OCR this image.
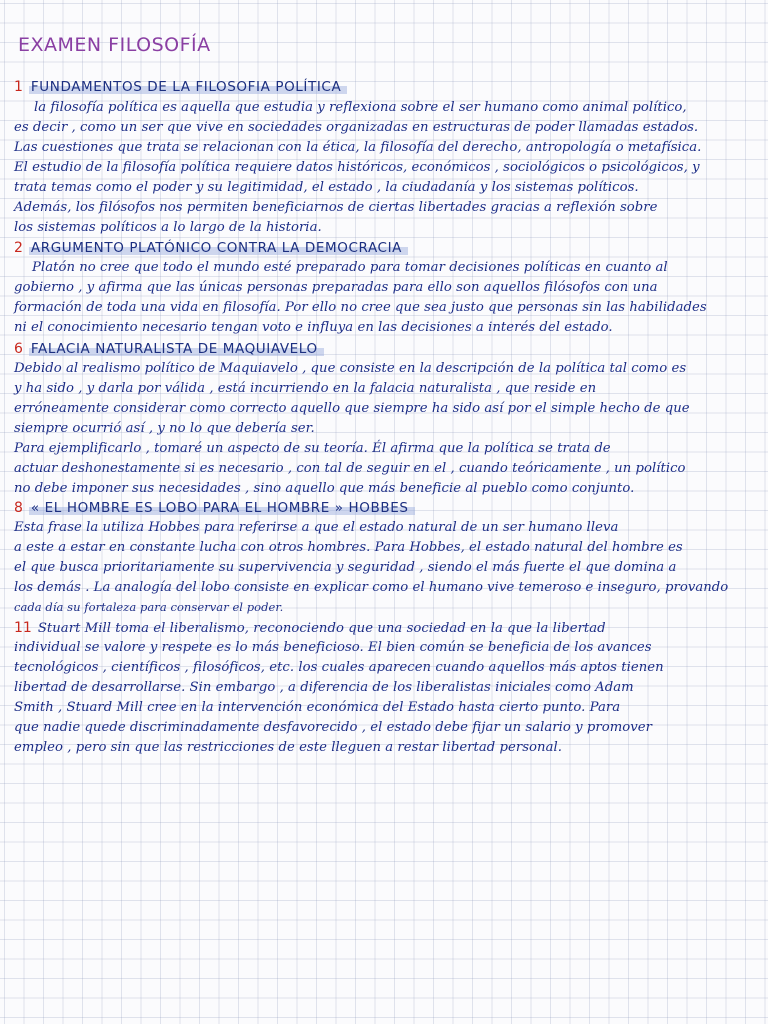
EXAMEN FILOSOFÍA
1 FUNDAMENTOS DE LA FILOSOFIA POLÍTICA
la filosofía política es aquella que estudia y reflexiona sobre el ser humano como animal político,
es decir , como un ser que vive en sociedades organizadas en estructuras de poder llamadas estados.
Las cuestiones que trata se relacionan con la ética, la filosofía del derecho, antropología o metafísica.
El estudio de la filosofía política requiere datos históricos, económicos , sociológicos o psicológicos, y
trata temas como el poder y su legitimidad, el estado , la ciudadanía y los sistemas políticos.
Además, los filósofos nos permiten beneficiarnos de ciertas libertades gracias a reflexión sobre
los sistemas políticos a lo largo de la historia.
2 ARGUMENTO PLATÓNICO CONTRA LA DEMOCRACIA
Platón no cree que todo el mundo esté preparado para tomar decisiones políticas en cuanto al
gobierno , y afirma que las únicas personas preparadas para ello son aquellos filósofos con una
formación de toda una vida en filosofía. Por ello no cree que sea justo que personas sin las habilidades
ni el conocimiento necesario tengan voto e influya en las decisiones a interés del estado.
6 FALACIA NATURALISTA DE MAQUIAVELO
Debido al realismo político de Maquiavelo , que consiste en la descripción de la política tal como es
y ha sido , y darla por válida , está incurriendo en la falacia naturalista , que reside en
erróneamente considerar como correcto aquello que siempre ha sido así por el simple hecho de que
siempre ocurrió así , y no lo que debería ser.
Para ejemplificarlo , tomaré un aspecto de su teoría. Él afirma que la política se trata de
actuar deshonestamente si es necesario , con tal de seguir en el , cuando teóricamente , un político
no debe imponer sus necesidades , sino aquello que más beneficie al pueblo como conjunto.
8 « EL HOMBRE ES LOBO PARA EL HOMBRE » HOBBES
Esta frase la utiliza Hobbes para referirse a que el estado natural de un ser humano lleva
a este a estar en constante lucha con otros hombres. Para Hobbes, el estado natural del hombre es
el que busca prioritariamente su supervivencia y seguridad , siendo el más fuerte el que domina a
los demás . La analogía del lobo consiste en explicar como el humano vive temeroso e inseguro, provando
cada día su fortaleza para conservar el poder.
11 Stuart Mill toma el liberalismo, reconociendo que una sociedad en la que la libertad
individual se valore y respete es lo más beneficioso. El bien común se beneficia de los avances
tecnológicos , científicos , filosóficos, etc. los cuales aparecen cuando aquellos más aptos tienen
libertad de desarrollarse. Sin embargo , a diferencia de los liberalistas iniciales como Adam
Smith , Stuard Mill cree en la intervención económica del Estado hasta cierto punto. Para
que nadie quede discriminadamente desfavorecido , el estado debe fijar un salario y promover
empleo , pero sin que las restricciones de este lleguen a restar libertad personal.
